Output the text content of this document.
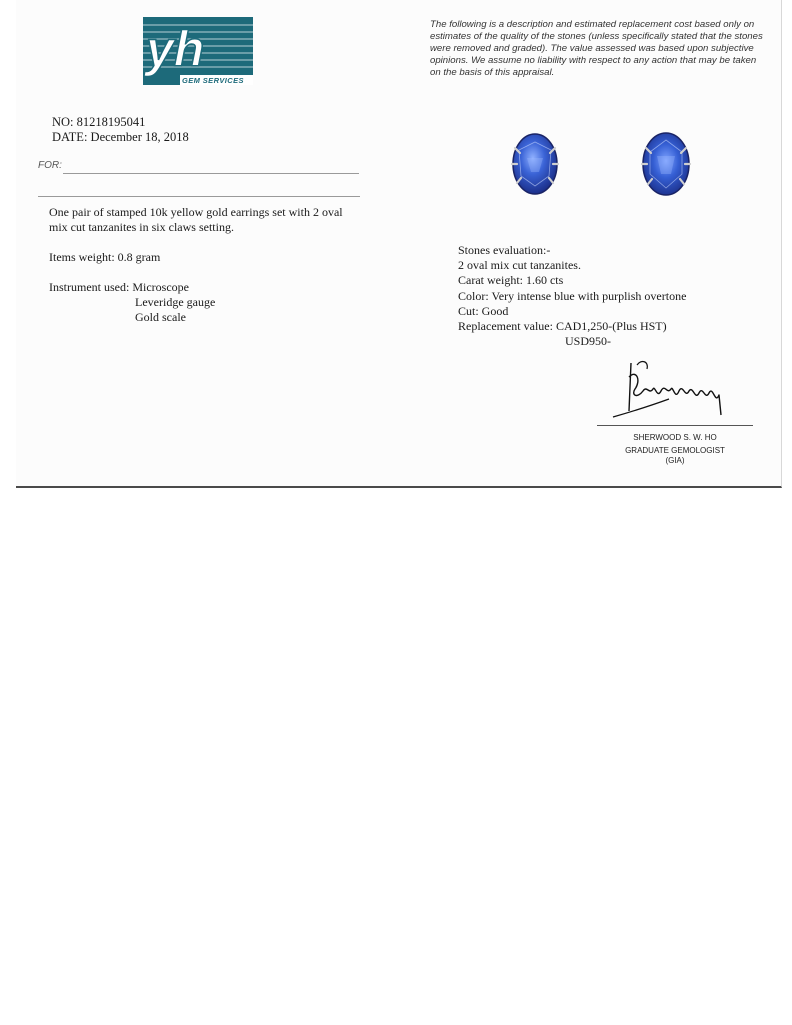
yh
GEM SERVICES
The following is a description and estimated replacement cost based only on estimates of the quality of the stones (unless specifically stated that the stones were removed and graded). The value assessed was based upon subjective opinions. We assume no liability with respect to any action that may be taken on the basis of this appraisal.
NO: 81218195041
DATE: December 18, 2018
FOR:
One pair of stamped 10k yellow gold earrings set with 2 oval mix cut tanzanites in six claws setting.
Items weight: 0.8 gram
Instrument used: Microscope
Leveridge gauge
Gold scale
Stones evaluation:-
2 oval mix cut tanzanites.
Carat weight: 1.60 cts
Color: Very intense blue with purplish overtone
Cut: Good
Replacement value: CAD1,250-(Plus HST)
USD950-
SHERWOOD S. W. HO
GRADUATE GEMOLOGIST
(GIA)
